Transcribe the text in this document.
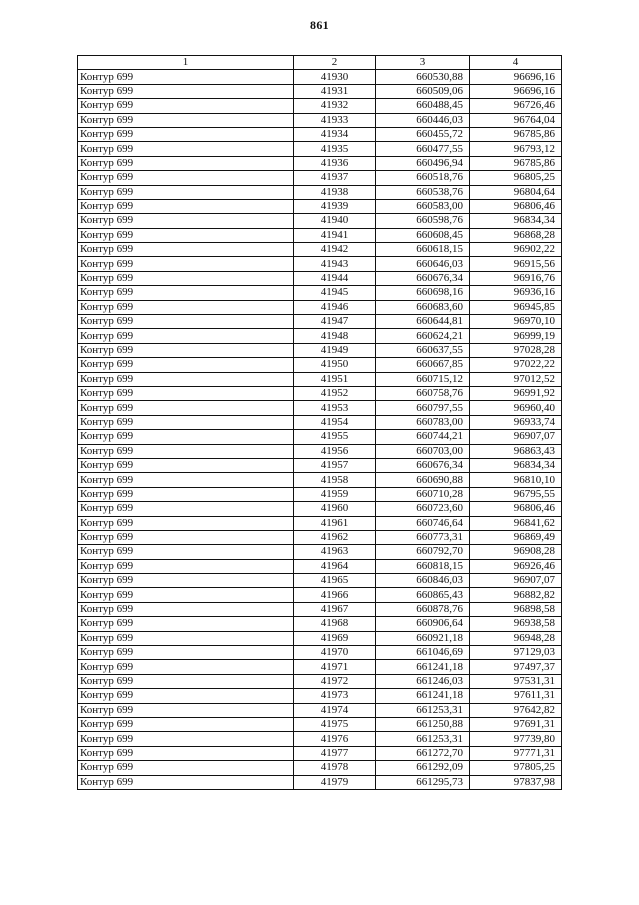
861
1	2	3	4
Контур 699	41930	660530,88	96696,16
Контур 699	41931	660509,06	96696,16
Контур 699	41932	660488,45	96726,46
Контур 699	41933	660446,03	96764,04
Контур 699	41934	660455,72	96785,86
Контур 699	41935	660477,55	96793,12
Контур 699	41936	660496,94	96785,86
Контур 699	41937	660518,76	96805,25
Контур 699	41938	660538,76	96804,64
Контур 699	41939	660583,00	96806,46
Контур 699	41940	660598,76	96834,34
Контур 699	41941	660608,45	96868,28
Контур 699	41942	660618,15	96902,22
Контур 699	41943	660646,03	96915,56
Контур 699	41944	660676,34	96916,76
Контур 699	41945	660698,16	96936,16
Контур 699	41946	660683,60	96945,85
Контур 699	41947	660644,81	96970,10
Контур 699	41948	660624,21	96999,19
Контур 699	41949	660637,55	97028,28
Контур 699	41950	660667,85	97022,22
Контур 699	41951	660715,12	97012,52
Контур 699	41952	660758,76	96991,92
Контур 699	41953	660797,55	96960,40
Контур 699	41954	660783,00	96933,74
Контур 699	41955	660744,21	96907,07
Контур 699	41956	660703,00	96863,43
Контур 699	41957	660676,34	96834,34
Контур 699	41958	660690,88	96810,10
Контур 699	41959	660710,28	96795,55
Контур 699	41960	660723,60	96806,46
Контур 699	41961	660746,64	96841,62
Контур 699	41962	660773,31	96869,49
Контур 699	41963	660792,70	96908,28
Контур 699	41964	660818,15	96926,46
Контур 699	41965	660846,03	96907,07
Контур 699	41966	660865,43	96882,82
Контур 699	41967	660878,76	96898,58
Контур 699	41968	660906,64	96938,58
Контур 699	41969	660921,18	96948,28
Контур 699	41970	661046,69	97129,03
Контур 699	41971	661241,18	97497,37
Контур 699	41972	661246,03	97531,31
Контур 699	41973	661241,18	97611,31
Контур 699	41974	661253,31	97642,82
Контур 699	41975	661250,88	97691,31
Контур 699	41976	661253,31	97739,80
Контур 699	41977	661272,70	97771,31
Контур 699	41978	661292,09	97805,25
Контур 699	41979	661295,73	97837,98
